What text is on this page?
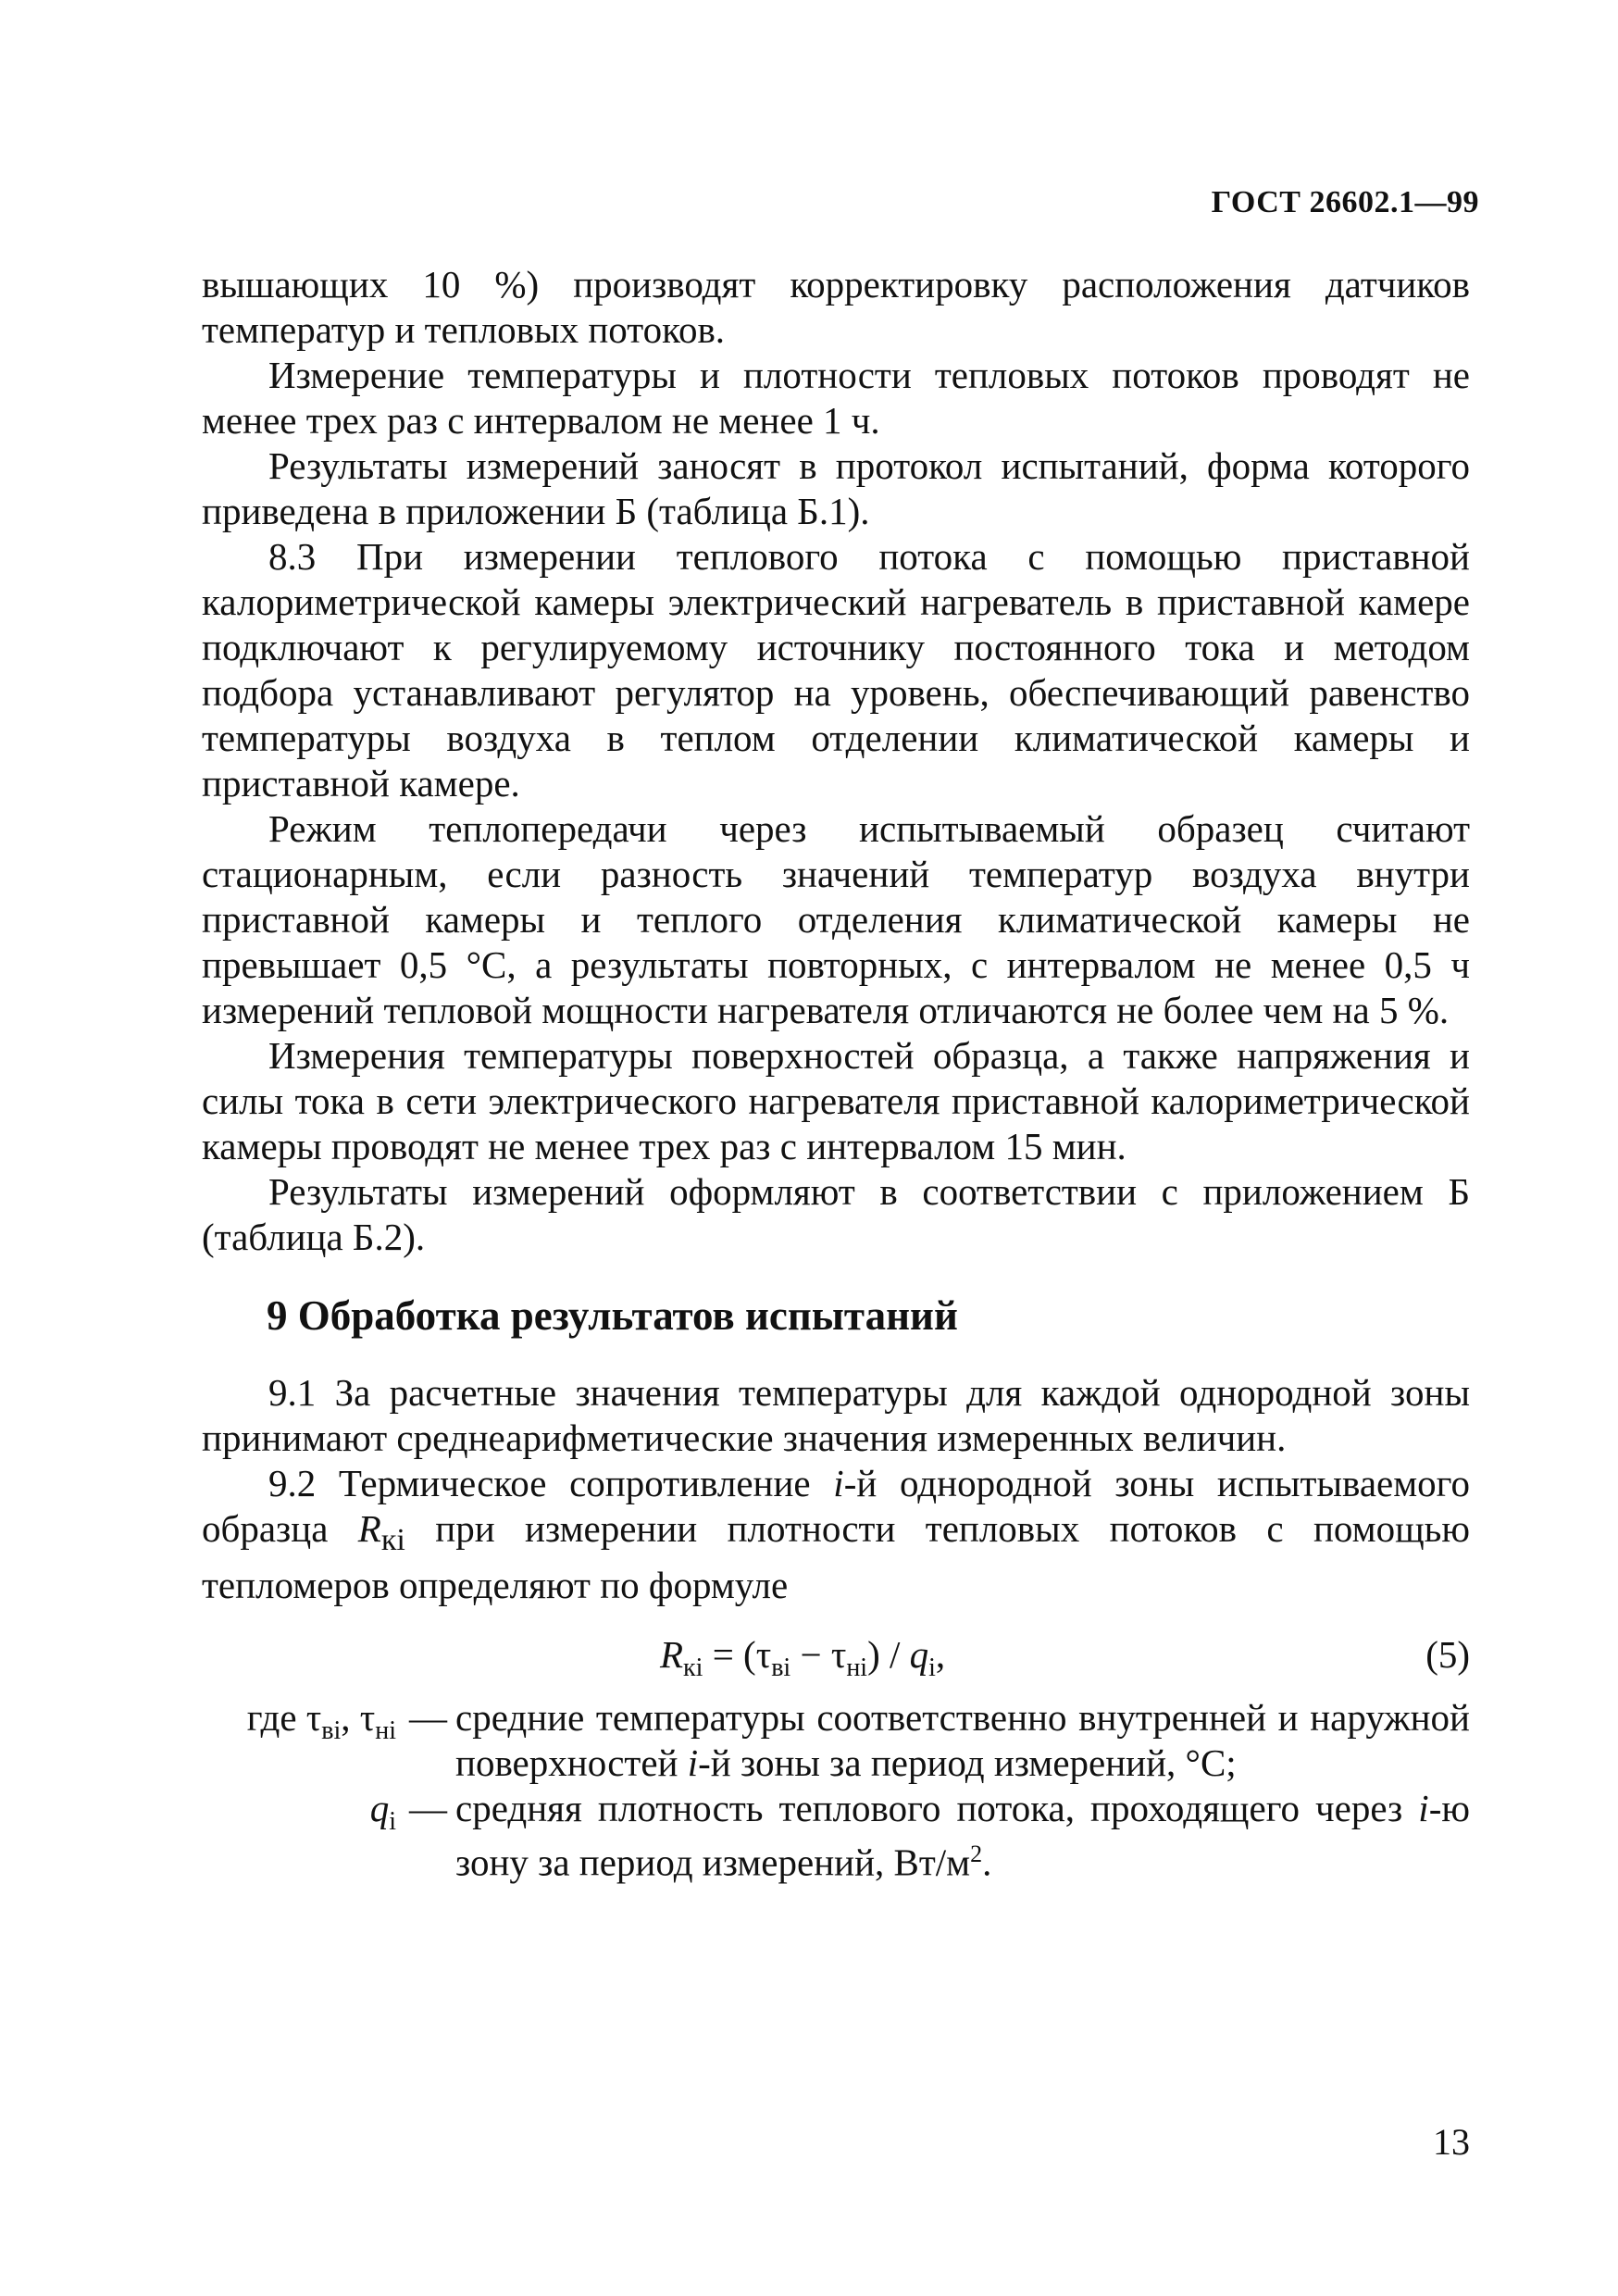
ГОСТ 26602.1—99

вышающих 10 %) производят корректировку расположения датчиков температур и тепловых потоков.

Измерение температуры и плотности тепловых потоков проводят не менее трех раз с интервалом не менее 1 ч.

Результаты измерений заносят в протокол испытаний, форма которого приведена в приложении Б (таблица Б.1).

8.3 При измерении теплового потока с помощью приставной калориметрической камеры электрический нагреватель в приставной камере подключают к регулируемому источнику постоянного тока и методом подбора устанавливают регулятор на уровень, обеспечивающий равенство температуры воздуха в теплом отделении климатической камеры и приставной камере.

Режим теплопередачи через испытываемый образец считают стационарным, если разность значений температур воздуха внутри приставной камеры и теплого отделения климатической камеры не превышает 0,5 °С, а результаты повторных, с интервалом не менее 0,5 ч измерений тепловой мощности нагревателя отличаются не более чем на 5 %.

Измерения температуры поверхностей образца, а также напряжения и силы тока в сети электрического нагревателя приставной калориметрической камеры проводят не менее трех раз с интервалом 15 мин.

Результаты измерений оформляют в соответствии с приложением Б (таблица Б.2).

9 Обработка результатов испытаний

9.1 За расчетные значения температуры для каждой однородной зоны принимают среднеарифметические значения измеренных величин.

9.2 Термическое сопротивление i-й однородной зоны испытываемого образца $R_{кi}$ при измерении плотности тепловых потоков с помощью тепломеров определяют по формуле

$R_{кi} = (\tau_{вi} - \tau_{нi}) / q_i$,	(5)
где $\tau_{вi}$, $\tau_{нi}$ — средние температуры соответственно внутренней и наружной поверхностей i-й зоны за период измерений, °С;
$q_i$ — средняя плотность теплового потока, проходящего через i-ю зону за период измерений, $Вт/м^2$.
13
